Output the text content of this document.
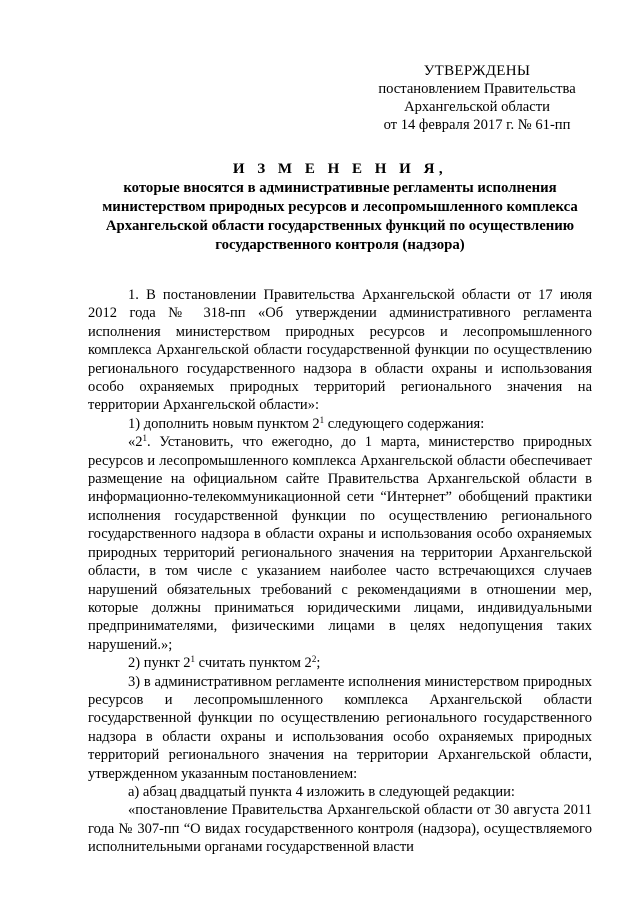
УТВЕРЖДЕНЫ
постановлением Правительства
Архангельской области
от 14 февраля 2017 г. № 61-пп
И З М Е Н Е Н И Я,
которые вносятся в административные регламенты исполнения министерством природных ресурсов и лесопромышленного комплекса Архангельской области государственных функций по осуществлению государственного контроля (надзора)

1. В постановлении Правительства Архангельской области от 17 июля 2012 года № 318-пп «Об утверждении административного регламента исполнения министерством природных ресурсов и лесопромышленного комплекса Архангельской области государственной функции по осуществлению регионального государственного надзора в области охраны и использования особо охраняемых природных территорий регионального значения на территории Архангельской области»:

1) дополнить новым пунктом $2^1$ следующего содержания:

«$2^1$. Установить, что ежегодно, до 1 марта, министерство природных ресурсов и лесопромышленного комплекса Архангельской области обеспечивает размещение на официальном сайте Правительства Архангельской области в информационно-телекоммуникационной сети “Интернет” обобщений практики исполнения государственной функции по осуществлению регионального государственного надзора в области охраны и использования особо охраняемых природных территорий регионального значения на территории Архангельской области, в том числе с указанием наиболее часто встречающихся случаев нарушений обязательных требований с рекомендациями в отношении мер, которые должны приниматься юридическими лицами, индивидуальными предпринимателями, физическими лицами в целях недопущения таких нарушений.»;

2) пункт $2^1$ считать пунктом $2^2$;

3) в административном регламенте исполнения министерством природных ресурсов и лесопромышленного комплекса Архангельской области государственной функции по осуществлению регионального государственного надзора в области охраны и использования особо охраняемых природных территорий регионального значения на территории Архангельской области, утвержденном указанным постановлением:

а) абзац двадцатый пункта 4 изложить в следующей редакции:

«постановление Правительства Архангельской области от 30 августа 2011 года № 307-пп “О видах государственного контроля (надзора), осуществляемого исполнительными органами государственной власти
